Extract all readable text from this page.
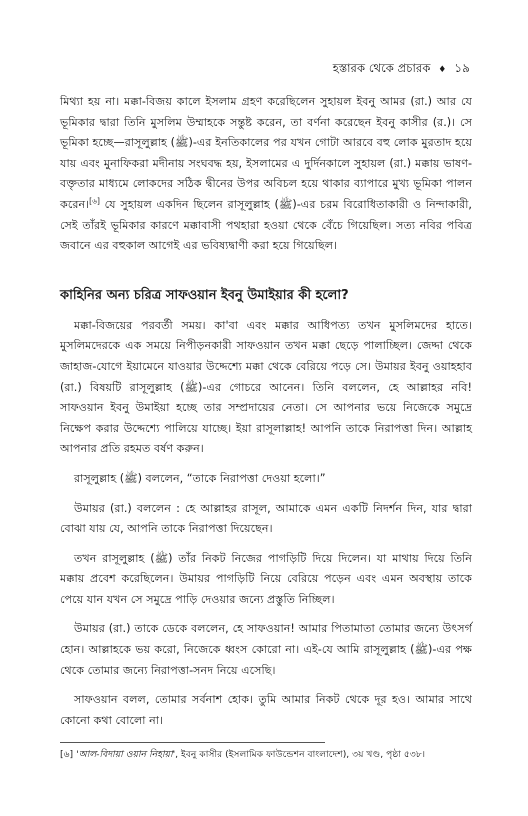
হস্তারক থেকে প্রচারক ♦ ১৯

মিথ্যা হয় না। মক্কা-বিজয় কালে ইসলাম গ্রহণ করেছিলেন সুহায়ল ইবনু আমর (রা.) আর যে ভূমিকার দ্বারা তিনি মুসলিম উম্মাহকে সন্তুষ্ট করেন, তা বর্ণনা করেছেন ইবনু কাসীর (র.)। সে ভূমিকা হচ্ছে—রাসূলুল্লাহ (ﷺ)-এর ইনতিকালের পর যখন গোটা আরবে বহু লোক মুরতাদ হয়ে যায় এবং মুনাফিকরা মদীনায় সংঘবদ্ধ হয়, ইসলামের এ দুর্দিনকালে সুহায়ল (রা.) মক্কায় ভাষণ-বক্তৃতার মাধ্যমে লোকদের সঠিক দ্বীনের উপর অবিচল হয়ে থাকার ব্যাপারে মুখ্য ভূমিকা পালন করেন।[৬] যে সুহায়ল একদিন ছিলেন রাসূলুল্লাহ (ﷺ)-এর চরম বিরোধিতাকারী ও নিন্দাকারী, সেই তাঁরই ভূমিকার কারণে মক্কাবাসী পথহারা হওয়া থেকে বেঁচে গিয়েছিল। সত্য নবির পবিত্র জবানে এর বহুকাল আগেই এর ভবিষ্যদ্বাণী করা হয়ে গিয়েছিল।

কাহিনির অন্য চরিত্র সাফওয়ান ইবনু উমাইয়ার কী হলো?

মক্কা-বিজয়ের পরবর্তী সময়। কা'বা এবং মক্কার আধিপত্য তখন মুসলিমদের হাতে। মুসলিমদেরকে এক সময়ে নিপীড়নকারী সাফওয়ান তখন মক্কা ছেড়ে পালাচ্ছিল। জেদ্দা থেকে জাহাজ-যোগে ইয়ামেনে যাওয়ার উদ্দেশ্যে মক্কা থেকে বেরিয়ে পড়ে সে। উমায়র ইবনু ওয়াহহাব (রা.) বিষয়টি রাসূলুল্লাহ (ﷺ)-এর গোচরে আনেন। তিনি বললেন, হে আল্লাহর নবি! সাফওয়ান ইবনু উমাইয়া হচ্ছে তার সম্প্রদায়ের নেতা। সে আপনার ভয়ে নিজেকে সমুদ্রে নিক্ষেপ করার উদ্দেশ্যে পালিয়ে যাচ্ছে। ইয়া রাসূলাল্লাহ! আপনি তাকে নিরাপত্তা দিন। আল্লাহ আপনার প্রতি রহমত বর্ষণ করুন।

রাসূলুল্লাহ (ﷺ) বললেন, “তাকে নিরাপত্তা দেওয়া হলো।”

উমায়র (রা.) বললেন : হে আল্লাহর রাসূল, আমাকে এমন একটি নিদর্শন দিন, যার দ্বারা বোঝা যায় যে, আপনি তাকে নিরাপত্তা দিয়েছেন।

তখন রাসূলুল্লাহ (ﷺ) তাঁর নিকট নিজের পাগড়িটি দিয়ে দিলেন। যা মাথায় দিয়ে তিনি মক্কায় প্রবেশ করেছিলেন। উমায়র পাগড়িটি নিয়ে বেরিয়ে পড়েন এবং এমন অবস্থায় তাকে পেয়ে যান যখন সে সমুদ্রে পাড়ি দেওয়ার জন্যে প্রস্তুতি নিচ্ছিল।

উমায়র (রা.) তাকে ডেকে বললেন, হে সাফওয়ান! আমার পিতামাতা তোমার জন্যে উৎসর্গ হোন। আল্লাহকে ভয় করো, নিজেকে ধ্বংস কোরো না। এই-যে আমি রাসূলুল্লাহ (ﷺ)-এর পক্ষ থেকে তোমার জন্যে নিরাপত্তা-সনদ নিয়ে এসেছি।

সাফওয়ান বলল, তোমার সর্বনাশ হোক। তুমি আমার নিকট থেকে দূর হও। আমার সাথে কোনো কথা বোলো না।

[৬] 'আল-বিদায়া ওয়ান নিহায়া', ইবনু কাসীর (ইসলামিক ফাউন্ডেশন বাংলাদেশ), ৩য় খণ্ড, পৃষ্ঠা ৫৩৮।
